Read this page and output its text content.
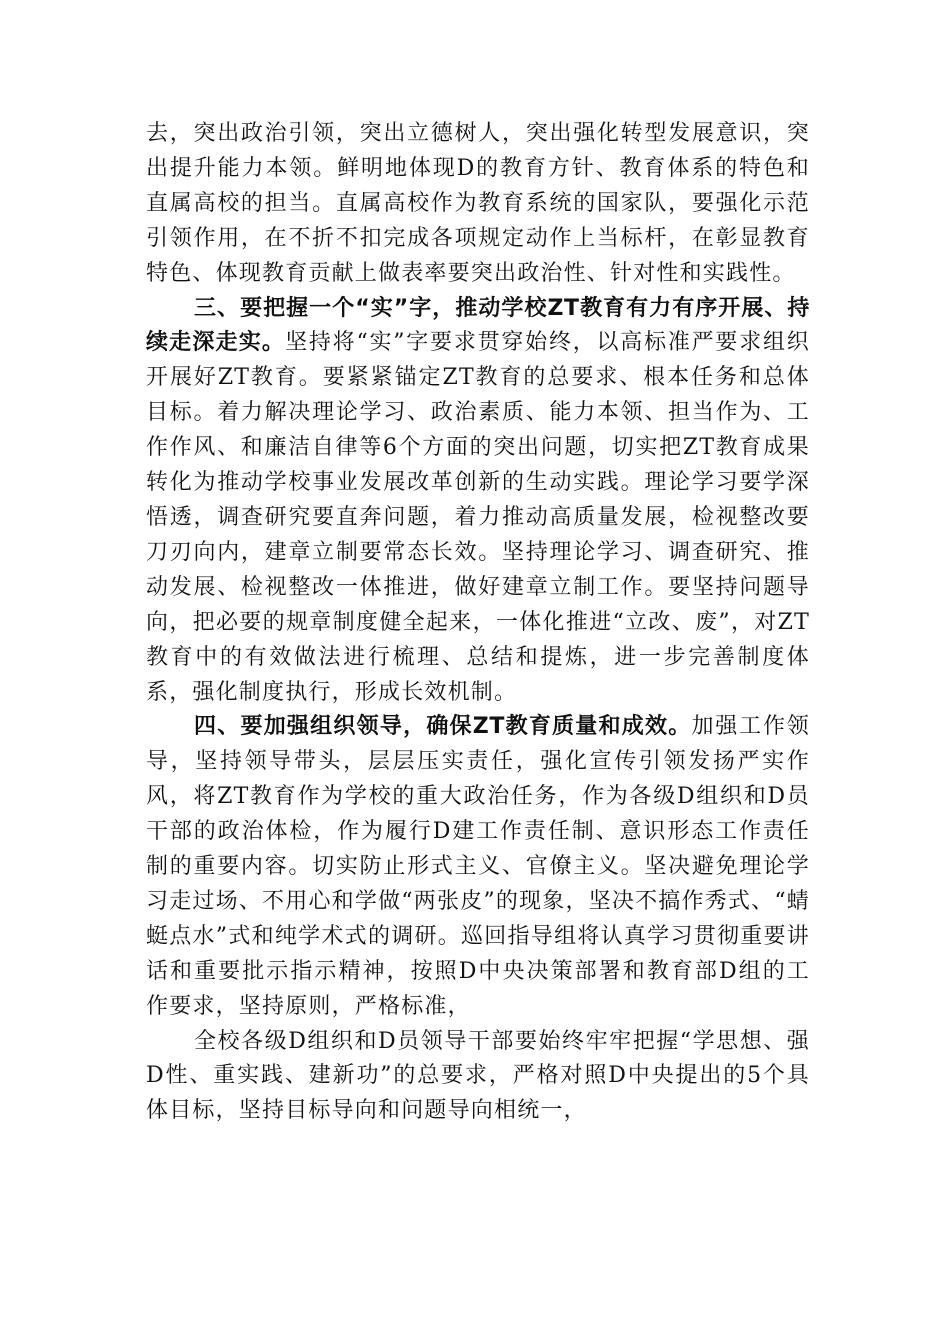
去，突出政治引领，突出立德树人，突出强化转型发展意识，突出提升能力本领。鲜明地体现D的教育方针、教育体系的特色和直属高校的担当。直属高校作为教育系统的国家队，要强化示范引领作用，在不折不扣完成各项规定动作上当标杆，在彰显教育特色、体现教育贡献上做表率要突出政治性、针对性和实践性。

三、要把握一个“实”字，推动学校ZT教育有力有序开展、持续走深走实。坚持将“实”字要求贯穿始终，以高标准严要求组织开展好ZT教育。要紧紧锚定ZT教育的总要求、根本任务和总体目标。着力解决理论学习、政治素质、能力本领、担当作为、工作作风、和廉洁自律等6个方面的突出问题，切实把ZT教育成果转化为推动学校事业发展改革创新的生动实践。理论学习要学深悟透，调查研究要直奔问题，着力推动高质量发展，检视整改要刀刃向内，建章立制要常态长效。坚持理论学习、调查研究、推动发展、检视整改一体推进，做好建章立制工作。要坚持问题导向，把必要的规章制度健全起来，一体化推进“立改、废”，对ZT教育中的有效做法进行梳理、总结和提炼，进一步完善制度体系，强化制度执行，形成长效机制。

四、要加强组织领导，确保ZT教育质量和成效。加强工作领导，坚持领导带头，层层压实责任，强化宣传引领发扬严实作风，将ZT教育作为学校的重大政治任务，作为各级D组织和D员干部的政治体检，作为履行D建工作责任制、意识形态工作责任制的重要内容。切实防止形式主义、官僚主义。坚决避免理论学习走过场、不用心和学做“两张皮”的现象，坚决不搞作秀式、“蜻蜓点水”式和纯学术式的调研。巡回指导组将认真学习贯彻重要讲话和重要批示指示精神，按照D中央决策部署和教育部D组的工作要求，坚持原则，严格标准，

全校各级D组织和D员领导干部要始终牢牢把握“学思想、强D性、重实践、建新功”的总要求，严格对照D中央提出的5个具体目标，坚持目标导向和问题导向相统一，
